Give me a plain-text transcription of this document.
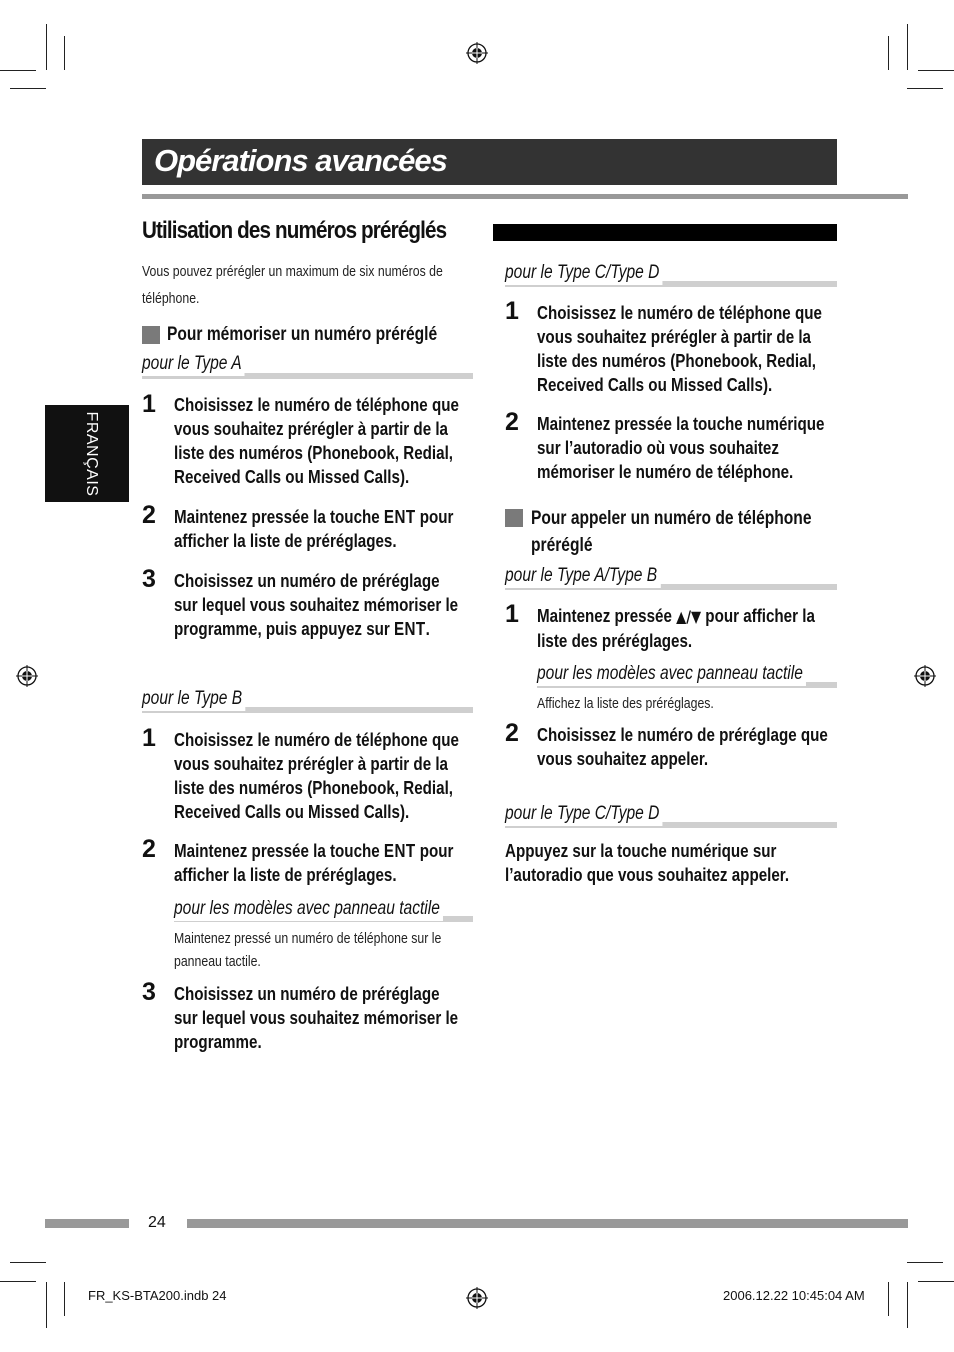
Opérations avancées
Utilisation des numéros préréglés
FRANÇAIS
Vous pouvez prérégler un maximum de six numéros de
téléphone.
Pour mémoriser un numéro préréglé
pour le Type A
1 Choisissez le numéro de téléphone que
vous souhaitez prérégler à partir de la
liste des numéros (Phonebook, Redial,
Received Calls ou Missed Calls).
2 Maintenez pressée la touche ENT pour
afficher la liste de préréglages.
3 Choisissez un numéro de préréglage
sur lequel vous souhaitez mémoriser le
programme, puis appuyez sur ENT.
pour le Type B
1 Choisissez le numéro de téléphone que
vous souhaitez prérégler à partir de la
liste des numéros (Phonebook, Redial,
Received Calls ou Missed Calls).
2 Maintenez pressée la touche ENT pour
afficher la liste de préréglages.
pour les modèles avec panneau tactile
Maintenez pressé un numéro de téléphone sur le
panneau tactile.
3 Choisissez un numéro de préréglage
sur lequel vous souhaitez mémoriser le
programme.
pour le Type C/Type D
1 Choisissez le numéro de téléphone que
vous souhaitez prérégler à partir de la
liste des numéros (Phonebook, Redial,
Received Calls ou Missed Calls).
2 Maintenez pressée la touche numérique
sur l’autoradio où vous souhaitez
mémoriser le numéro de téléphone.
Pour appeler un numéro de téléphone
préréglé
pour le Type A/Type B
1 Maintenez pressée ▲/▼ pour afficher la
liste des préréglages.
pour les modèles avec panneau tactile
Affichez la liste des préréglages.
2 Choisissez le numéro de préréglage que
vous souhaitez appeler.
pour le Type C/Type D
Appuyez sur la touche numérique sur
l’autoradio que vous souhaitez appeler.
24
FR_KS-BTA200.indb 24	2006.12.22 10:45:04 AM
